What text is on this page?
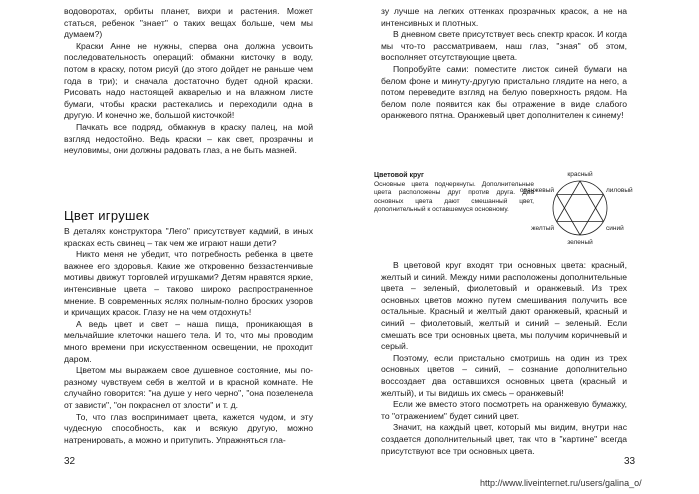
водоворотах, орбиты планет, вихри и растения. Может статься, ребенок "знает" о таких вещах больше, чем мы думаем?)

Краски Анне не нужны, сперва она должна усвоить последовательность операций: обмакни кисточку в воду, потом в краску, потом рисуй (до этого дойдет не раньше чем года в три); и сначала достаточно будет одной краски. Рисовать надо настоящей акварелью и на влажном листе бумаги, чтобы краски растекались и переходили одна в другую. И конечно же, большой кисточкой!

Пачкать все подряд, обмакнув в краску палец, на мой взгляд недостойно. Ведь краски – как свет, прозрачны и неуловимы, они должны радовать глаз, а не быть мазней.

Цвет игрушек

В деталях конструктора "Лего" присутствует кадмий, в иных красках есть свинец – так чем же играют наши дети?

Никто меня не убедит, что потребность ребенка в цвете важнее его здоровья. Какие же откровенно беззастенчивые мотивы движут торговлей игрушками? Детям нравятся яркие, интенсивные цвета – таково широко распространенное мнение. В современных яслях полным-полно броских узоров и кричащих красок. Глазу не на чем отдохнуть!

А ведь цвет и свет – наша пища, проникающая в мельчайшие клеточки нашего тела. И то, что мы проводим много времени при искусственном освещении, не проходит даром.

Цветом мы выражаем свое душевное состояние, мы по-разному чувствуем себя в желтой и в красной комнате. Не случайно говорится: "на душе у него черно", "она позеленела от зависти", "он покраснел от злости" и т. д.

То, что глаз воспринимает цвета, кажется чудом, и эту чудесную способность, как и всякую другую, можно натренировать, а можно и притупить. Упражняться гла-

32

зу лучше на легких оттенках прозрачных красок, а не на интенсивных и плотных.

В дневном свете присутствует весь спектр красок. И когда мы что-то рассматриваем, наш глаз, "зная" об этом, восполняет отсутствующие цвета.

Попробуйте сами: поместите листок синей бумаги на белом фоне и минуту-другую пристально глядите на него, а потом переведите взгляд на белую поверхность рядом. На белом поле появится как бы отражение в виде слабого оранжевого пятна. Оранжевый цвет дополнителен к синему!

Цветовой круг
Основные цвета подчеркнуты. Дополнительные цвета расположены друг против друга. Два основных цвета дают смешанный цвет, дополнительный к оставшемуся основному.
красный
оранжевый	лиловый
желтый	синий
зеленый

В цветовой круг входят три основных цвета: красный, желтый и синий. Между ними расположены дополнительные цвета – зеленый, фиолетовый и оранжевый. Из трех основных цветов можно путем смешивания получить все остальные. Красный и желтый дают оранжевый, красный и синий – фиолетовый, желтый и синий – зеленый. Если смешать все три основных цвета, мы получим коричневый и серый.

Поэтому, если пристально смотришь на один из трех основных цветов – синий, – сознание дополнительно воссоздает два оставшихся основных цвета (красный и желтый), и ты видишь их смесь – оранжевый!

Если же вместо этого посмотреть на оранжевую бумажку, то "отражением" будет синий цвет.

Значит, на каждый цвет, который мы видим, внутри нас создается дополнительный цвет, так что в "картине" всегда присутствуют все три основных цвета.

33
http://www.liveinternet.ru/users/galina_o/
